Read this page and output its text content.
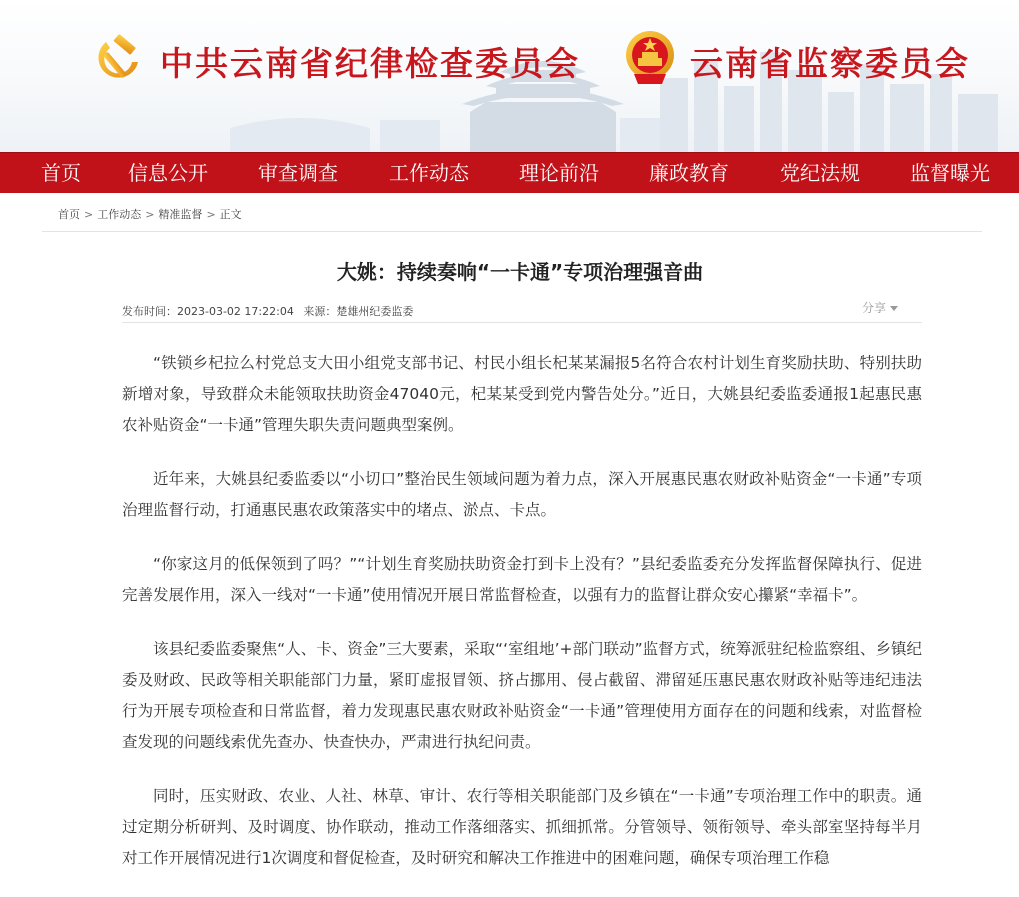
中共云南省纪律检查委员会	云南省监察委员会
首页 信息公开	审查调查	工作动态	理论前沿	廉政教育	党纪法规	监督曝光
首页 > 工作动态 > 精准监督 > 正文
大姚：持续奏响“一卡通”专项治理强音曲
发布时间：2023-03-02 17:22:04 来源：楚雄州纪委监委	分享

“铁锁乡杞拉么村党总支大田小组党支部书记、村民小组长杞某某漏报5名符合农村计划生育奖励扶助、特别扶助新增对象，导致群众未能领取扶助资金47040元，杞某某受到党内警告处分。”近日，大姚县纪委监委通报1起惠民惠农补贴资金“一卡通”管理失职失责问题典型案例。

近年来，大姚县纪委监委以“小切口”整治民生领域问题为着力点，深入开展惠民惠农财政补贴资金“一卡通”专项治理监督行动，打通惠民惠农政策落实中的堵点、淤点、卡点。

“你家这月的低保领到了吗？”“计划生育奖励扶助资金打到卡上没有？”县纪委监委充分发挥监督保障执行、促进完善发展作用，深入一线对“一卡通”使用情况开展日常监督检查，以强有力的监督让群众安心攥紧“幸福卡”。

该县纪委监委聚焦“人、卡、资金”三大要素，采取“‘室组地’+部门联动”监督方式，统筹派驻纪检监察组、乡镇纪委及财政、民政等相关职能部门力量，紧盯虚报冒领、挤占挪用、侵占截留、滞留延压惠民惠农财政补贴等违纪违法行为开展专项检查和日常监督，着力发现惠民惠农财政补贴资金“一卡通”管理使用方面存在的问题和线索，对监督检查发现的问题线索优先查办、快查快办，严肃进行执纪问责。

同时，压实财政、农业、人社、林草、审计、农行等相关职能部门及乡镇在“一卡通”专项治理工作中的职责。通过定期分析研判、及时调度、协作联动，推动工作落细落实、抓细抓常。分管领导、领衔领导、牵头部室坚持每半月对工作开展情况进行1次调度和督促检查，及时研究和解决工作推进中的困难问题，确保专项治理工作稳
